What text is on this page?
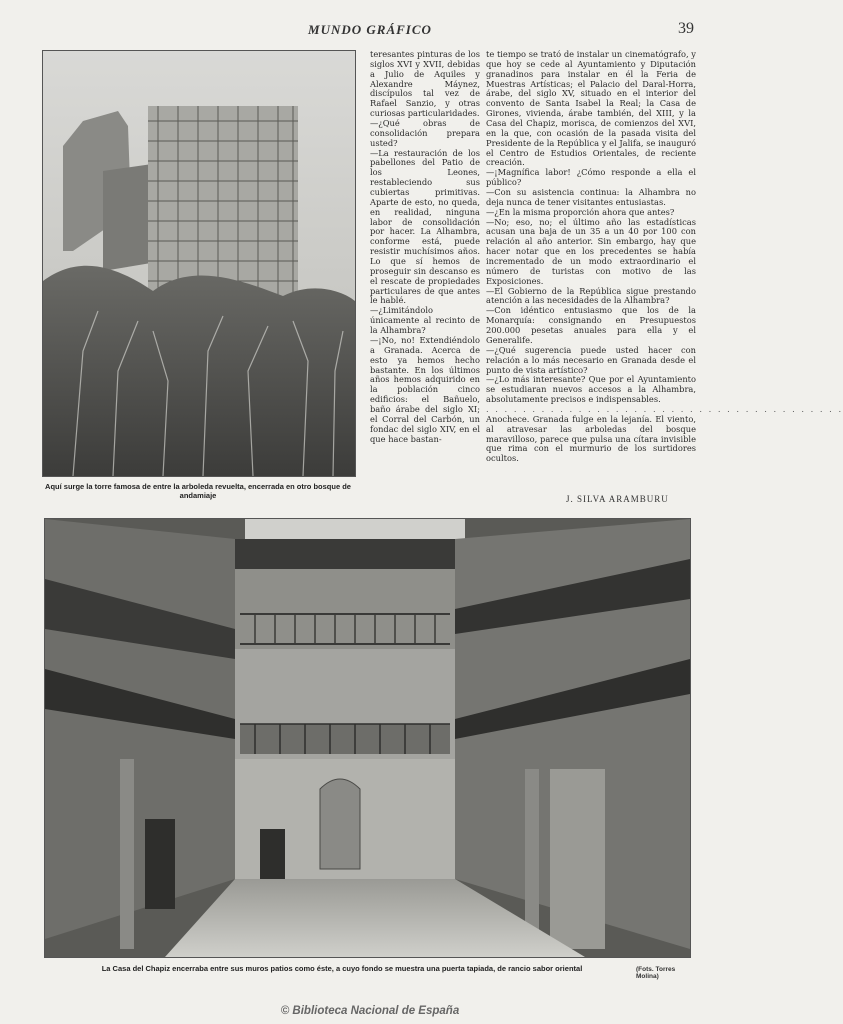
MUNDO GRÁFICO	39
Aquí surge la torre famosa de entre la arboleda revuelta, encerrada en otro bosque de andamiaje

teresantes pinturas de los siglos XVI y XVII, debidas a Julio de Aquiles y Alexandre Máynez, discípulos tal vez de Rafael Sanzio, y otras curiosas particularidades.

—¿Qué obras de consolidación prepara usted?

—La restauración de los pabellones del Patio de los Leones, restableciendo sus cubiertas primitivas. Aparte de esto, no queda, en realidad, ninguna labor de consolidación por hacer. La Alhambra, conforme está, puede resistir muchísimos años. Lo que sí hemos de proseguir sin descanso es el rescate de propiedades particulares de que antes le hablé.

—¿Limitándolo únicamente al recinto de la Alhambra?

—¡No, no! Extendiéndolo a Granada. Acerca de esto ya hemos hecho bastante. En los últimos años hemos adquirido en la población cinco edificios: el Bañuelo, baño árabe del siglo XI; el Corral del Carbón, un fondac del siglo XIV, en el que hace bastan-

te tiempo se trató de instalar un cinematógrafo, y que hoy se cede al Ayuntamiento y Diputación granadinos para instalar en él la Feria de Muestras Artísticas; el Palacio del Daral-Horra, árabe, del siglo XV, situado en el interior del convento de Santa Isabel la Real; la Casa de Girones, vivienda, árabe también, del XIII, y la Casa del Chapiz, morisca, de comienzos del XVI, en la que, con ocasión de la pasada visita del Presidente de la República y el Jalifa, se inauguró el Centro de Estudios Orientales, de reciente creación.

—¡Magnífica labor! ¿Cómo responde a ella el público?

—Con su asistencia continua: la Alhambra no deja nunca de tener visitantes entusiastas.

—¿En la misma proporción ahora que antes?

—No; eso, no; el último año las estadísticas acusan una baja de un 35 a un 40 por 100 con relación al año anterior. Sin embargo, hay que hacer notar que en los precedentes se había incrementado de un modo extraordinario el número de turistas con motivo de las Exposiciones.

—El Gobierno de la República sigue prestando atención a las necesidades de la Alhambra?

—Con idéntico entusiasmo que los de la Monarquía: consignando en Presupuestos 200.000 pesetas anuales para ella y el Generalife.

—¿Qué sugerencia puede usted hacer con relación a lo más necesario en Granada desde el punto de vista artístico?

—¿Lo más interesante? Que por el Ayuntamiento se estudiaran nuevos accesos a la Alhambra, absolutamente precisos e indispensables.

. . . . . . . . . . . . . . . . . . . . . . . . . . . . . . . . . . . . . . .

Anochece. Granada fulge en la lejanía. El viento, al atravesar las arboledas del bosque maravilloso, parece que pulsa una cítara invisible que rima con el murmurio de los surtidores ocultos.

J. SILVA ARAMBURU
La Casa del Chapiz encerraba entre sus muros patios como éste, a cuyo fondo se muestra una puerta tapiada, de rancio sabor oriental	(Fots. Torres Molina)
© Biblioteca Nacional de España
